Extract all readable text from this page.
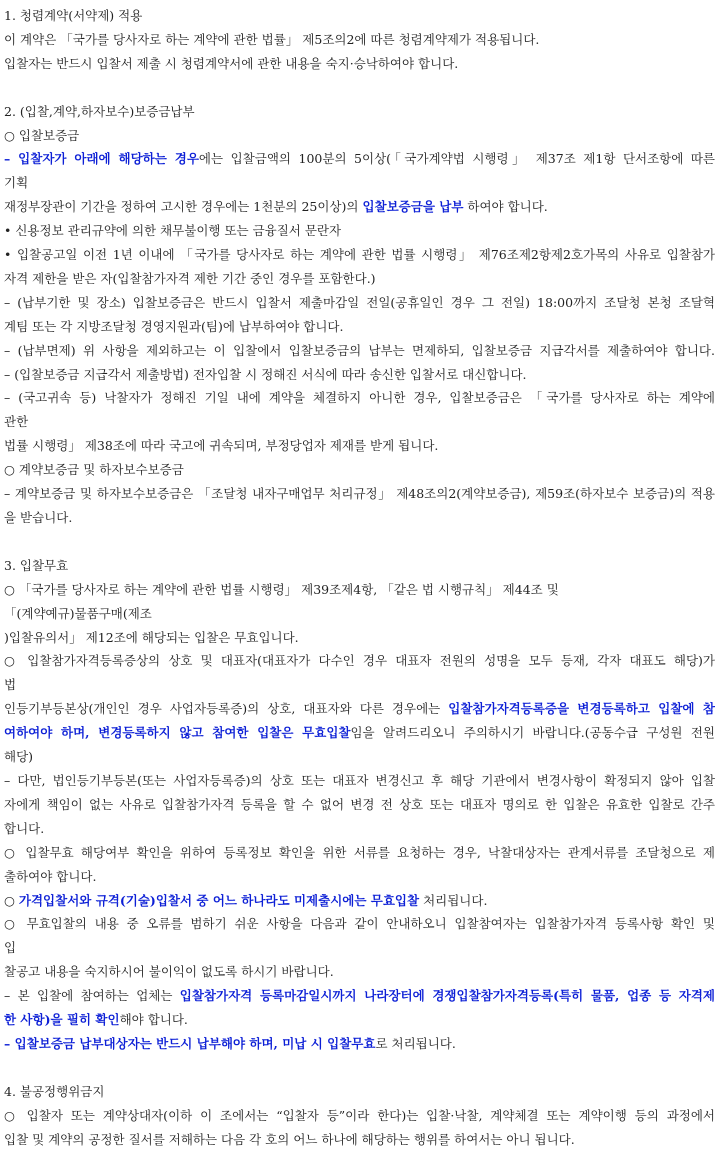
1. 청렴계약(서약제) 적용
이 계약은 「국가를 당사자로 하는 계약에 관한 법률」 제5조의2에 따른 청렴계약제가 적용됩니다.
입찰자는 반드시 입찰서 제출 시 청렴계약서에 관한 내용을 숙지·승낙하여야 합니다.
2. (입찰,계약,하자보수)보증금납부
○ 입찰보증금
– 입찰자가 아래에 해당하는 경우에는 입찰금액의 100분의 5이상(「국가계약법 시행령」 제37조 제1항 단서조항에 따른
기획
재정부장관이 기간을 정하여 고시한 경우에는 1천분의 25이상)의 입찰보증금을 납부 하여야 합니다.
• 신용정보 관리규약에 의한 채무불이행 또는 금융질서 문란자
• 입찰공고일 이전 1년 이내에 「국가를 당사자로 하는 계약에 관한 법률 시행령」 제76조제2항제2호가목의 사유로 입찰참가
자격 제한을 받은 자(입찰참가자격 제한 기간 중인 경우를 포함한다.)
– (납부기한 및 장소) 입찰보증금은 반드시 입찰서 제출마감일 전일(공휴일인 경우 그 전일) 18:00까지 조달청 본청 조달혁
계팀 또는 각 지방조달청 경영지원과(팀)에 납부하여야 합니다.
– (납부면제) 위 사항을 제외하고는 이 입찰에서 입찰보증금의 납부는 면제하되, 입찰보증금 지급각서를 제출하여야 합니다.
– (입찰보증금 지급각서 제출방법) 전자입찰 시 정해진 서식에 따라 송신한 입찰서로 대신합니다.
– (국고귀속 등) 낙찰자가 정해진 기일 내에 계약을 체결하지 아니한 경우, 입찰보증금은 「국가를 당사자로 하는 계약에
관한
법률 시행령」 제38조에 따라 국고에 귀속되며, 부정당업자 제재를 받게 됩니다.
○ 계약보증금 및 하자보수보증금
– 계약보증금 및 하자보수보증금은 「조달청 내자구매업무 처리규정」 제48조의2(계약보증금), 제59조(하자보수 보증금)의 적용
을 받습니다.
3. 입찰무효
○ 「국가를 당사자로 하는 계약에 관한 법률 시행령」 제39조제4항, 「같은 법 시행규칙」 제44조 및
「(계약예규)물품구매(제조
)입찰유의서」 제12조에 해당되는 입찰은 무효입니다.
○ 입찰참가자격등록증상의 상호 및 대표자(대표자가 다수인 경우 대표자 전원의 성명을 모두 등재, 각자 대표도 해당)가
법
인등기부등본상(개인인 경우 사업자등록증)의 상호, 대표자와 다른 경우에는 입찰참가자격등록증을 변경등록하고 입찰에 참
여하여야 하며, 변경등록하지 않고 참여한 입찰은 무효입찰임을 알려드리오니 주의하시기 바랍니다.(공동수급 구성원 전원
해당)
– 다만, 법인등기부등본(또는 사업자등록증)의 상호 또는 대표자 변경신고 후 해당 기관에서 변경사항이 확정되지 않아 입찰
자에게 책임이 없는 사유로 입찰참가자격 등록을 할 수 없어 변경 전 상호 또는 대표자 명의로 한 입찰은 유효한 입찰로 간주
합니다.
○ 입찰무효 해당여부 확인을 위하여 등록정보 확인을 위한 서류를 요청하는 경우, 낙찰대상자는 관계서류를 조달청으로 제
출하여야 합니다.
○ 가격입찰서와 규격(기술)입찰서 중 어느 하나라도 미제출시에는 무효입찰 처리됩니다.
○ 무효입찰의 내용 중 오류를 범하기 쉬운 사항을 다음과 같이 안내하오니 입찰참여자는 입찰참가자격 등록사항 확인 및
입
찰공고 내용을 숙지하시어 불이익이 없도록 하시기 바랍니다.
– 본 입찰에 참여하는 업체는 입찰참가자격 등록마감일시까지 나라장터에 경쟁입찰참가자격등록(특히 물품, 업종 등 자격제
한 사항)을 필히 확인해야 합니다.
– 입찰보증금 납부대상자는 반드시 납부해야 하며, 미납 시 입찰무효로 처리됩니다.
4. 불공정행위금지
○ 입찰자 또는 계약상대자(이하 이 조에서는 “입찰자 등”이라 한다)는 입찰·낙찰, 계약체결 또는 계약이행 등의 과정에서
입찰 및 계약의 공정한 질서를 저해하는 다음 각 호의 어느 하나에 해당하는 행위를 하여서는 아니 됩니다.
